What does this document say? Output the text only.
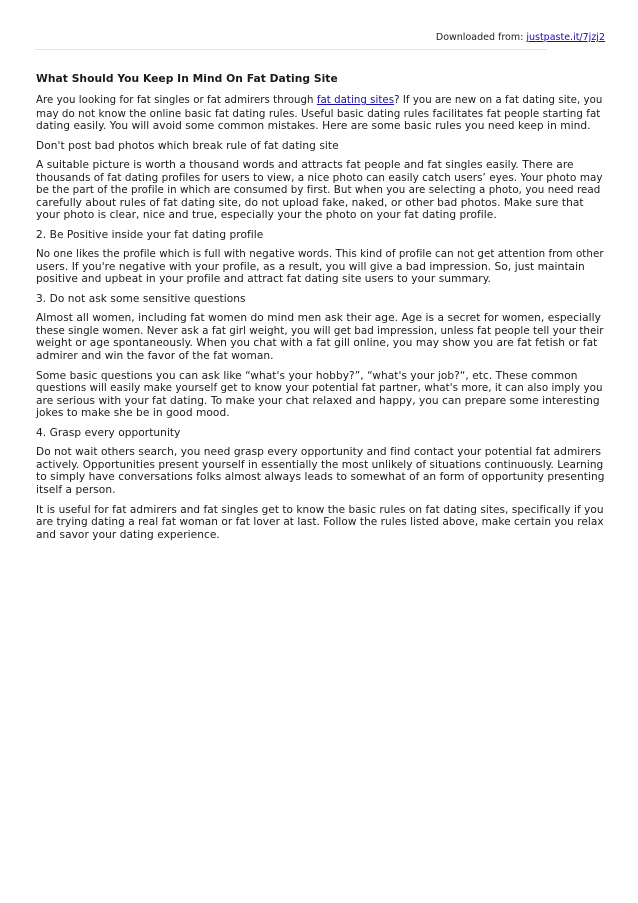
Downloaded from: justpaste.it/7jzj2
What Should You Keep In Mind On Fat Dating Site

Are you looking for fat singles or fat admirers through fat dating sites? If you are new on a fat dating site, you
may do not know the online basic fat dating rules. Useful basic dating rules facilitates fat people starting fat
dating easily. You will avoid some common mistakes. Here are some basic rules you need keep in mind.

Don't post bad photos which break rule of fat dating site

A suitable picture is worth a thousand words and attracts fat people and fat singles easily. There are
thousands of fat dating profiles for users to view, a nice photo can easily catch users’ eyes. Your photo may
be the part of the profile in which are consumed by first. But when you are selecting a photo, you need read
carefully about rules of fat dating site, do not upload fake, naked, or other bad photos. Make sure that
your photo is clear, nice and true, especially your the photo on your fat dating profile.

2. Be Positive inside your fat dating profile

No one likes the profile which is full with negative words. This kind of profile can not get attention from other
users. If you're negative with your profile, as a result, you will give a bad impression. So, just maintain
positive and upbeat in your profile and attract fat dating site users to your summary.

3. Do not ask some sensitive questions

Almost all women, including fat women do mind men ask their age. Age is a secret for women, especially
these single women. Never ask a fat girl weight, you will get bad impression, unless fat people tell your their
weight or age spontaneously. When you chat with a fat gill online, you may show you are fat fetish or fat
admirer and win the favor of the fat woman.

Some basic questions you can ask like “what's your hobby?”, “what's your job?“, etc. These common
questions will easily make yourself get to know your potential fat partner, what's more, it can also imply you
are serious with your fat dating. To make your chat relaxed and happy, you can prepare some interesting
jokes to make she be in good mood.

4. Grasp every opportunity

Do not wait others search, you need grasp every opportunity and find contact your potential fat admirers
actively. Opportunities present yourself in essentially the most unlikely of situations continuously. Learning
to simply have conversations folks almost always leads to somewhat of an form of opportunity presenting
itself a person.

It is useful for fat admirers and fat singles get to know the basic rules on fat dating sites, specifically if you
are trying dating a real fat woman or fat lover at last. Follow the rules listed above, make certain you relax
and savor your dating experience.
